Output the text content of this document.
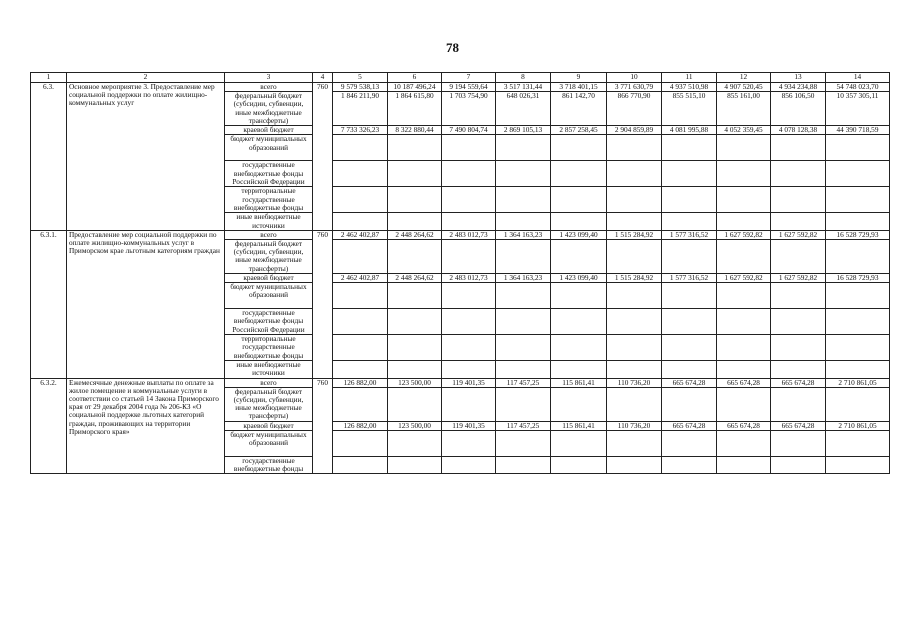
78
1	2	3	4	5	6	7	8	9	10	11	12	13	14
6.3.	Основное мероприятие 3. Предоставление мер социальной поддержки по оплате жилищно-коммунальных услуг	всего	760	9 579 538,13	10 187 496,24	9 194 559,64	3 517 131,44	3 718 401,15	3 771 630,79	4 937 510,98	4 907 520,45	4 934 234,88	54 748 023,70
		федеральный бюджет (субсидии, субвенции, иные межбюджетные трансферты)		1 846 211,90	1 864 615,80	1 703 754,90	648 026,31	861 142,70	866 770,90	855 515,10	855 161,00	856 106,50	10 357 305,11
		краевой бюджет		7 733 326,23	8 322 880,44	7 490 804,74	2 869 105,13	2 857 258,45	2 904 859,89	4 081 995,88	4 052 359,45	4 078 128,38	44 390 718,59
		бюджет муниципальных образований											
		государственные внебюджетные фонды Российской Федерации											
		территориальные государственные внебюджетные фонды											
		иные внебюджетные источники											
6.3.1.	Предоставление мер социальной поддержки по оплате жилищно-коммунальных услуг в Приморском крае льготным категориям граждан	всего	760	2 462 402,87	2 448 264,62	2 483 012,73	1 364 163,23	1 423 099,40	1 515 284,92	1 577 316,52	1 627 592,82	1 627 592,82	16 528 729,93
		федеральный бюджет (субсидии, субвенции, иные межбюджетные трансферты)											
		краевой бюджет		2 462 402,87	2 448 264,62	2 483 012,73	1 364 163,23	1 423 099,40	1 515 284,92	1 577 316,52	1 627 592,82	1 627 592,82	16 528 729,93
		бюджет муниципальных образований											
		государственные внебюджетные фонды Российской Федерации											
		территориальные государственные внебюджетные фонды											
		иные внебюджетные источники											
6.3.2.	Ежемесячные денежные выплаты по оплате за жилое помещение и коммунальные услуги в соответствии со статьей 14 Закона Приморского края от 29 декабря 2004 года № 206-КЗ «О социальной поддержке льготных категорий граждан, проживающих на территории Приморского края»	всего	760	126 882,00	123 500,00	119 401,35	117 457,25	115 861,41	110 736,20	665 674,28	665 674,28	665 674,28	2 710 861,05
		федеральный бюджет (субсидии, субвенции, иные межбюджетные трансферты)											
		краевой бюджет		126 882,00	123 500,00	119 401,35	117 457,25	115 861,41	110 736,20	665 674,28	665 674,28	665 674,28	2 710 861,05
		бюджет муниципальных образований											
		государственные внебюджетные фонды											
